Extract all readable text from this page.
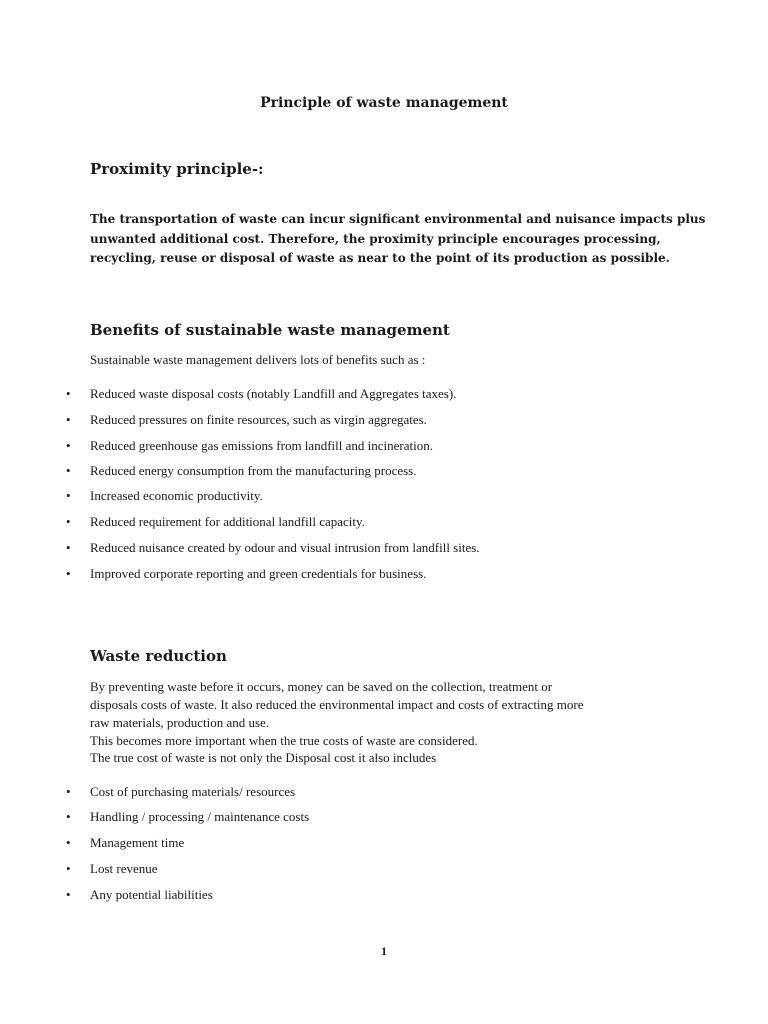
Principle of waste management
Proximity principle-:
The transportation of waste can incur significant environmental and nuisance impacts plus unwanted additional cost. Therefore, the proximity principle encourages processing, recycling, reuse or disposal of waste as near to the point of its production as possible.
Benefits of sustainable waste management
Sustainable waste management delivers lots of benefits such as :
• Reduced waste disposal costs (notably Landfill and Aggregates taxes).
• Reduced pressures on finite resources, such as virgin aggregates.
• Reduced greenhouse gas emissions from landfill and incineration.
• Reduced energy consumption from the manufacturing process.
• Increased economic productivity.
• Reduced requirement for additional landfill capacity.
• Reduced nuisance created by odour and visual intrusion from landfill sites.
• Improved corporate reporting and green credentials for business.
Waste reduction
By preventing waste before it occurs, money can be saved on the collection, treatment or
disposals costs of waste. It also reduced the environmental impact and costs of extracting more
raw materials, production and use.
This becomes more important when the true costs of waste are considered.
The true cost of waste is not only the Disposal cost it also includes
• Cost of purchasing materials/ resources
• Handling / processing / maintenance costs
• Management time
• Lost revenue
• Any potential liabilities
1
